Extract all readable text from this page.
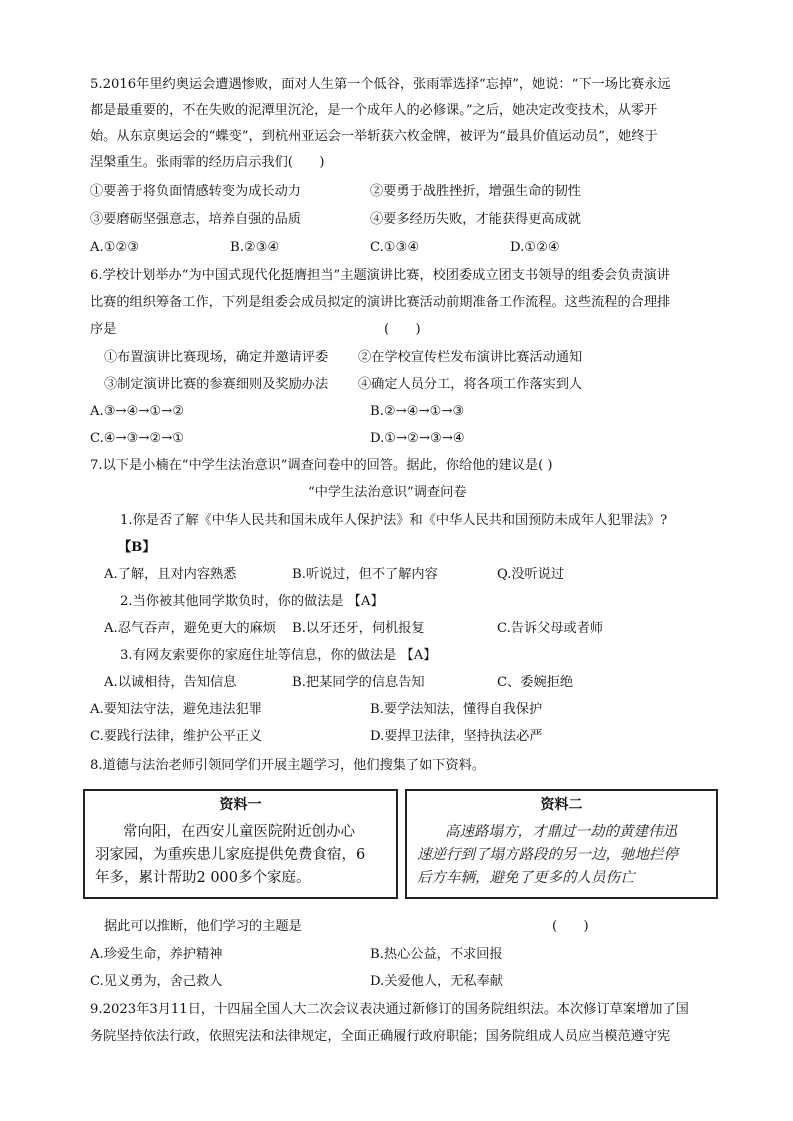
5.2016年里约奥运会遭遇惨败，面对人生第一个低谷，张雨霏选择“忘掉”，她说：“下一场比赛永远
都是最重要的，不在失败的泥潭里沉沦，是一个成年人的必修课。”之后，她决定改变技术，从零开
始。从东京奥运会的“蝶变”，到杭州亚运会一举斩获六枚金牌，被评为“最具价值运动员”，她终于
涅槃重生。张雨霏的经历启示我们(　　)
①要善于将负面情感转变为成长动力	②要勇于战胜挫折，增强生命的韧性
③要磨砺坚强意志，培养自强的品质	④要多经历失败，才能获得更高成就
A.①②③	B.②③④	C.①③④	D.①②④
6.学校计划举办“为中国式现代化挺膺担当”主题演讲比赛，校团委成立团支书领导的组委会负责演讲
比赛的组织筹备工作，下列是组委会成员拟定的演讲比赛活动前期准备工作流程。这些流程的合理排
序是	(　　)
①布置演讲比赛现场，确定并邀请评委 ②在学校宣传栏发布演讲比赛活动通知
③制定演讲比赛的参赛细则及奖励办法 ④确定人员分工，将各项工作落实到人
A.③→④→①→②	B.②→④→①→③
C.④→③→②→①	D.①→②→③→④
7.以下是小楠在“中学生法治意识”调查问卷中的回答。据此，你给他的建议是( )
“中学生法治意识”调查问卷
1.你是否了解《中华人民共和国未成年人保护法》和《中华人民共和国预防未成年人犯罪法》?
【B】
A.了解，且对内容熟悉	B.听说过，但不了解内容	Q.没听说过
2.当你被其他同学欺负时，你的做法是 【A】
A.忍气吞声，避免更大的麻烦 B.以牙还牙，伺机报复	C.告诉父母或者师
3.有网友索要你的家庭住址等信息，你的做法是 【A】
A.以诚相待，告知信息	B.把某同学的信息告知	C、委婉拒绝
A.要知法守法，避免违法犯罪	B.要学法知法，懂得自我保护
C.要践行法律，维护公平正义	D.要捍卫法律，坚持执法必严
8.道德与法治老师引领同学们开展主题学习，他们搜集了如下资料。
资料一
常向阳，在西安儿童医院附近创办心
羽家园，为重疾患儿家庭提供免费食宿，6
年多，累计帮助2 000多个家庭。
资料二
高速路塌方，才鼎过一劫的黄建伟迅
速逆行到了塌方路段的另一边，驰地拦停
后方车辆，避免了更多的人员伤亡
据此可以推断，他们学习的主题是	(　　)
A.珍爱生命，养护精神	B.热心公益，不求回报
C.见义勇为，舍己救人	D.关爱他人，无私奉献
9.2023年3月11日，十四届全国人大二次会议表决通过新修订的国务院组织法。本次修订草案增加了国
务院坚持依法行政，依照宪法和法律规定，全面正确履行政府职能；国务院组成人员应当模范遵守宪
